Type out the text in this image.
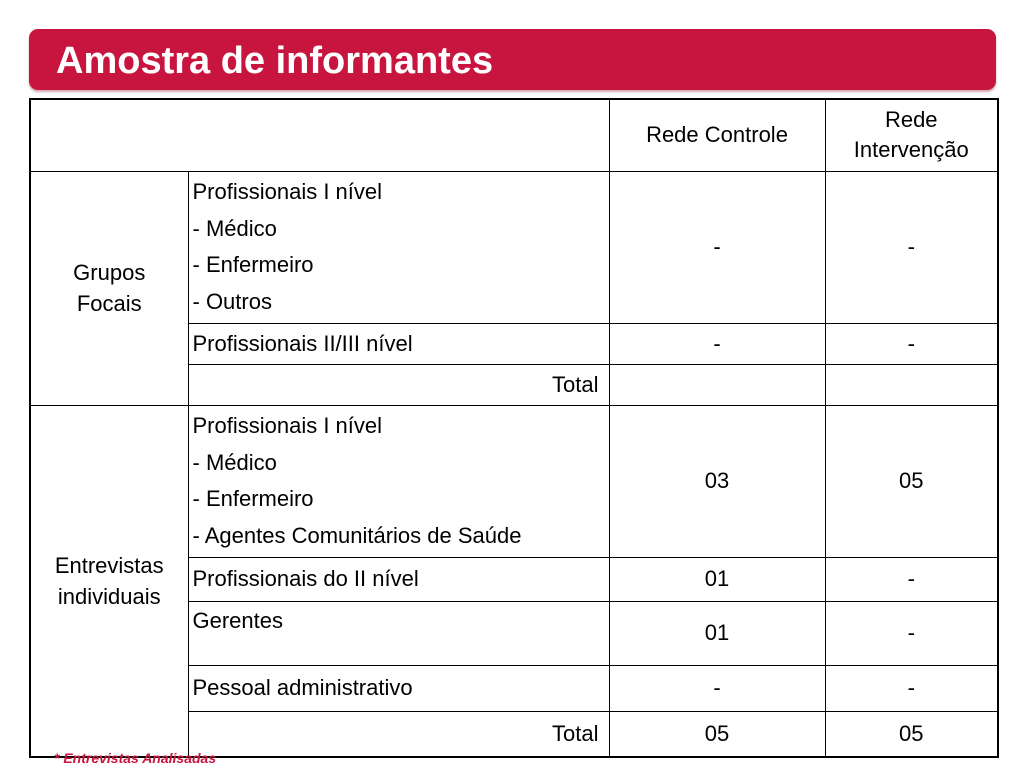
Amostra de informantes
		Rede Controle	Rede
Intervenção

Grupos
Focais	Profissionais I nível
- Médico
- Enfermeiro
- Outros	-	-

	Profissionais II/III nível	-	-
	Total		

Entrevistas
individuais	Profissionais I nível
- Médico
- Enfermeiro
- Agentes Comunitários de Saúde	03	05

	Profissionais do II nível	01	-

	Gerentes	01	-

	Pessoal administrativo	-	-
	Total	05	05
* Entrevistas Analisadas
